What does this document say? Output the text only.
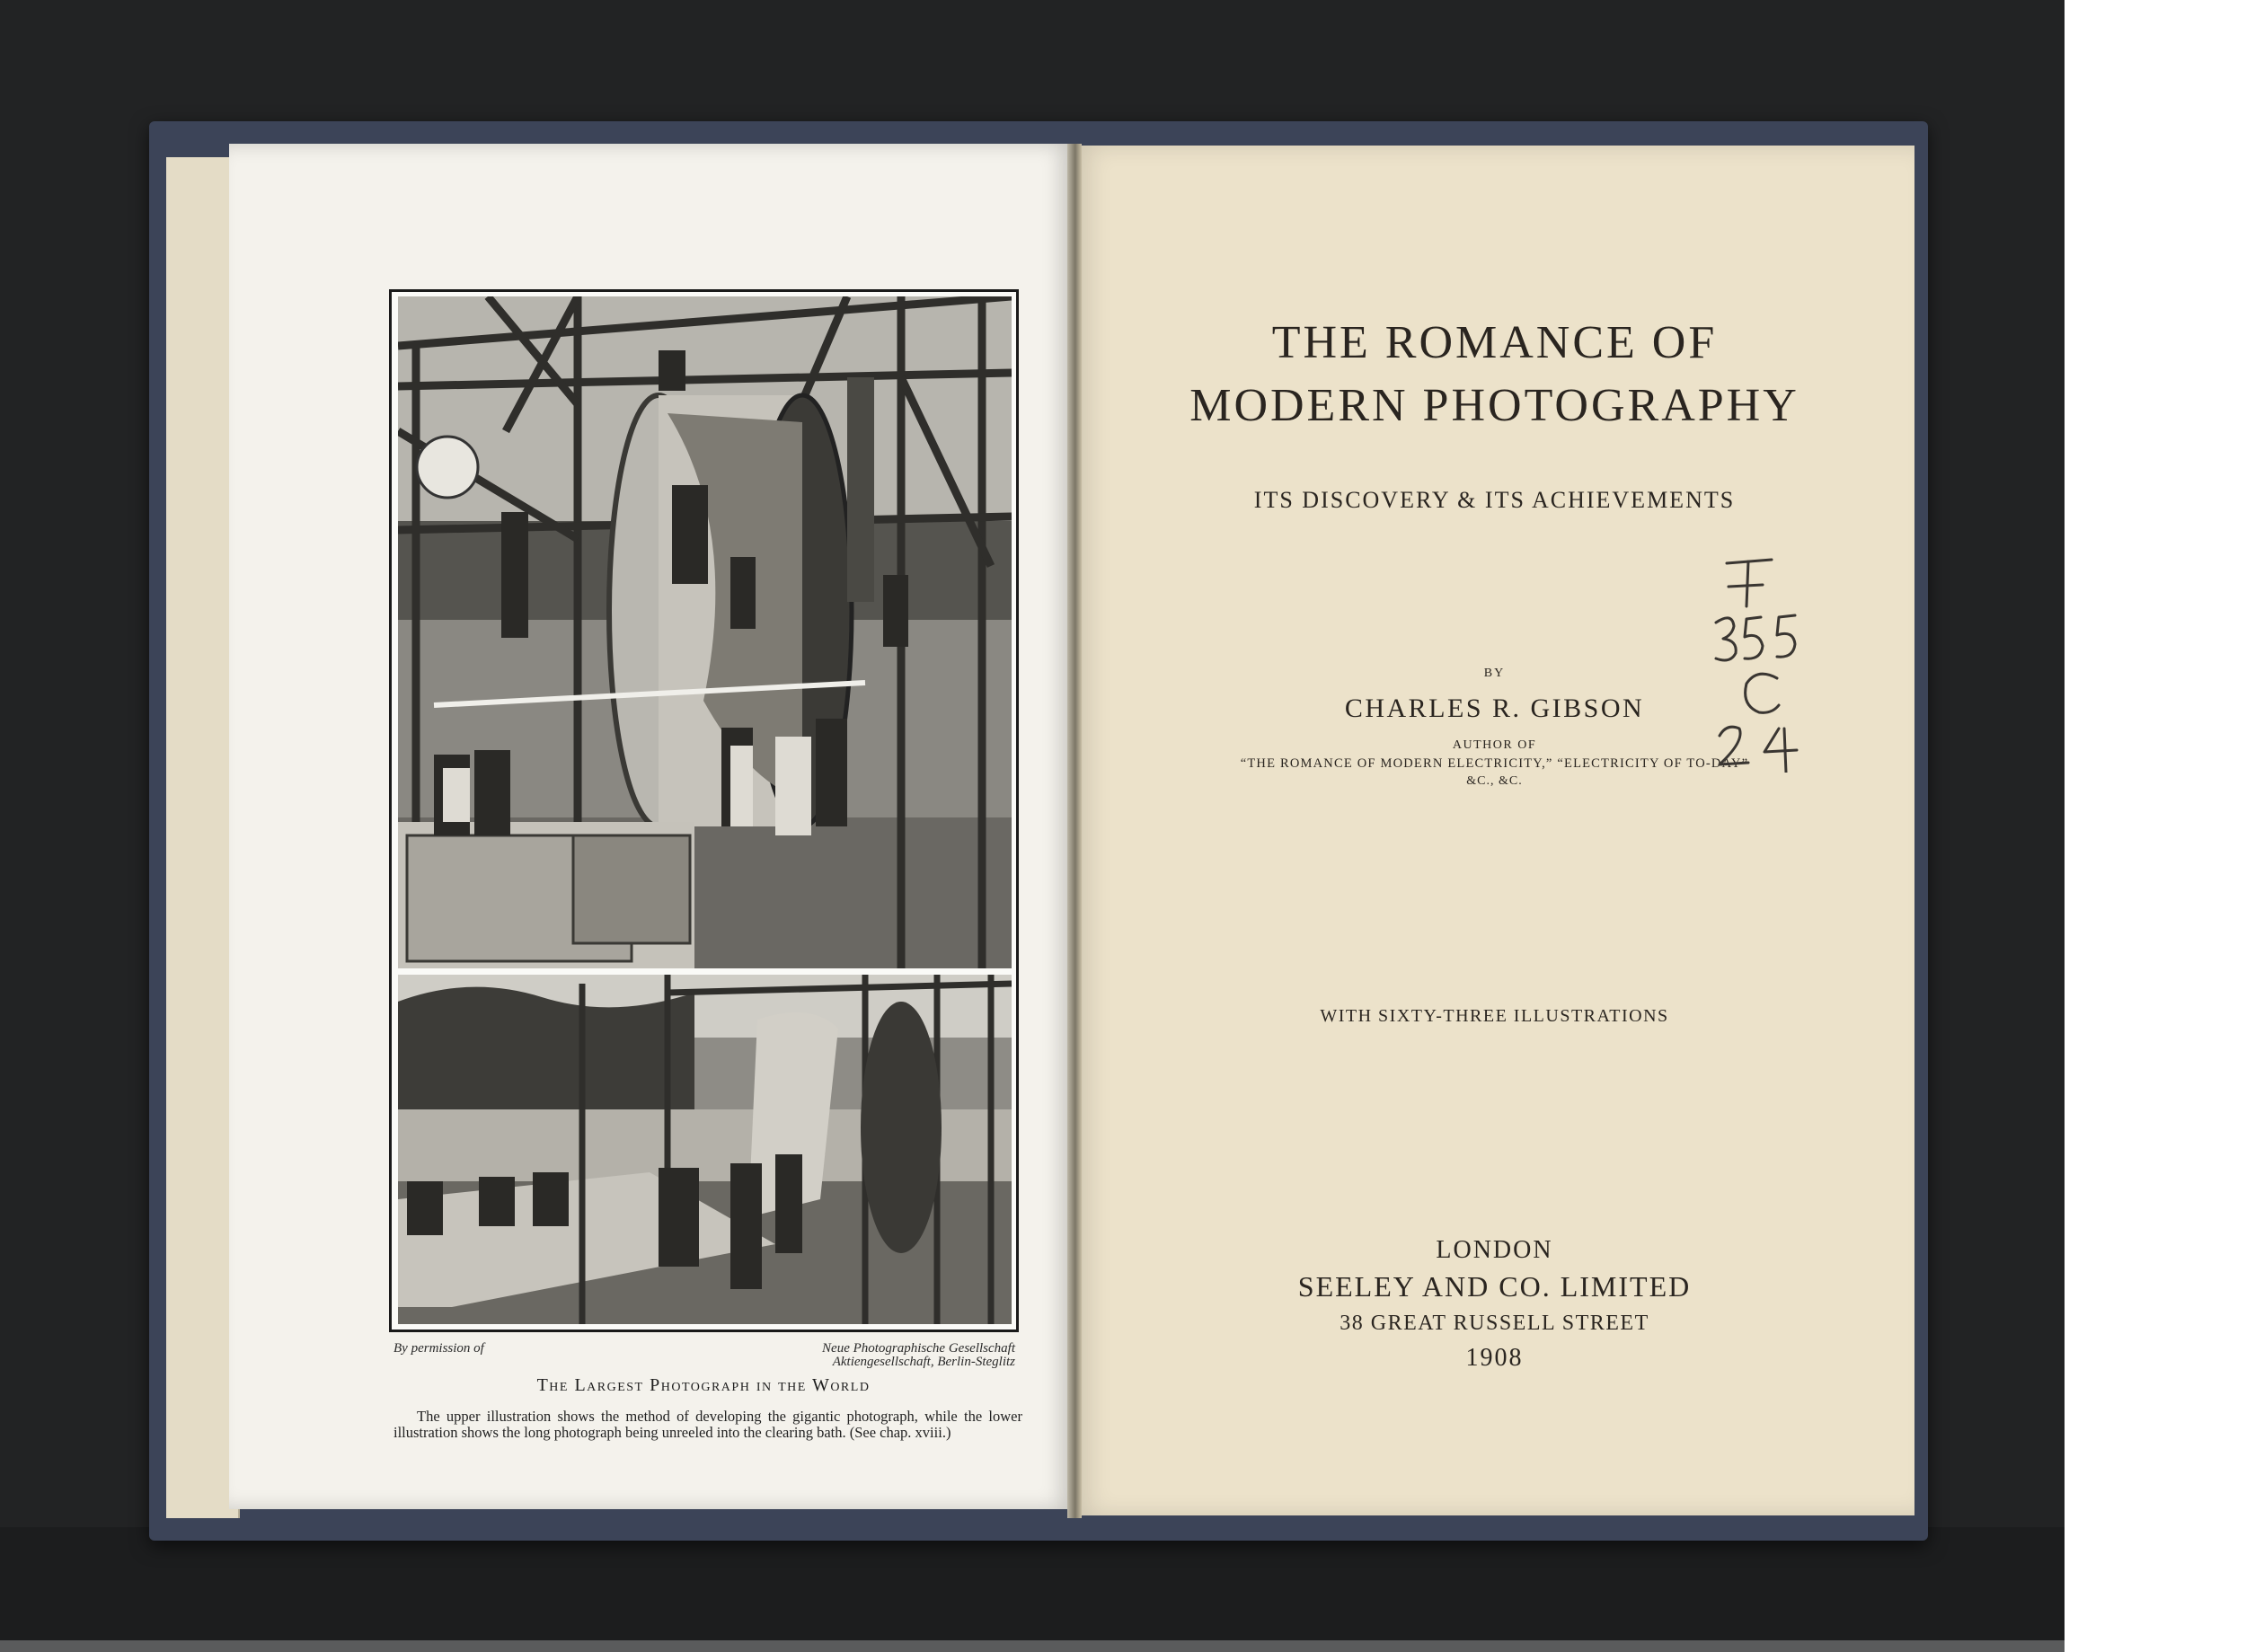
By permission of	Neue Photographische Gesellschaft
Aktiengesellschaft, Berlin-Steglitz
The Largest Photograph in the World
The upper illustration shows the method of developing the gigantic photograph, while the lower illustration shows the long photograph being unreeled into the clearing bath. (See chap. xviii.)
THE ROMANCE OF
MODERN PHOTOGRAPHY
ITS DISCOVERY & ITS ACHIEVEMENTS
BY
CHARLES R. GIBSON
AUTHOR OF
“THE ROMANCE OF MODERN ELECTRICITY,” “ELECTRICITY OF TO-DAY”
&C., &C.
WITH SIXTY-THREE ILLUSTRATIONS
LONDON
SEELEY AND CO. LIMITED
38 GREAT RUSSELL STREET
1908
